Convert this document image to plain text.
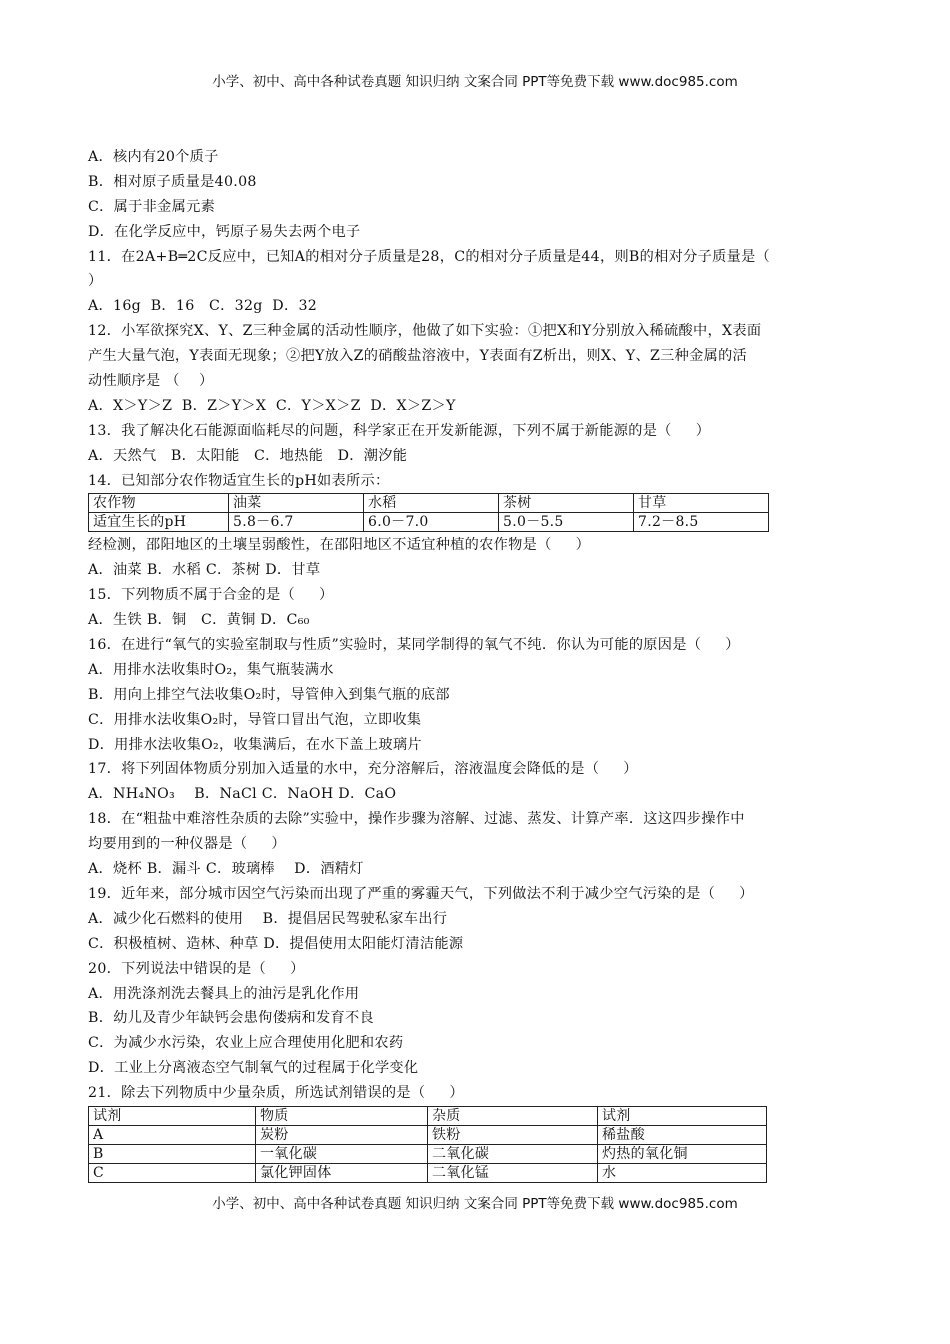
小学、初中、高中各种试卷真题 知识归纳 文案合同 PPT等免费下载 www.doc985.com
A．核内有20个质子
B．相对原子质量是40.08
C．属于非金属元素
D．在化学反应中，钙原子易失去两个电子
11．在2A+B═2C反应中，已知A的相对分子质量是28，C的相对分子质量是44，则B的相对分子质量是（
）
A．16g  B．16   C．32g  D．32
12．小军欲探究X、Y、Z三种金属的活动性顺序，他做了如下实验：①把X和Y分别放入稀硫酸中，X表面
产生大量气泡，Y表面无现象；②把Y放入Z的硝酸盐溶液中，Y表面有Z析出，则X、Y、Z三种金属的活
动性顺序是 （    ）
A．X＞Y＞Z  B．Z＞Y＞X  C．Y＞X＞Z  D．X＞Z＞Y
13．我了解决化石能源面临耗尽的问题，科学家正在开发新能源，下列不属于新能源的是（     ）
A．天然气   B．太阳能   C．地热能   D．潮汐能
14．已知部分农作物适宜生长的pH如表所示：
农作物	油菜	水稻	茶树	甘草
适宜生长的pH	5.8－6.7	6.0－7.0	5.0－5.5	7.2－8.5
经检测，邵阳地区的土壤呈弱酸性，在邵阳地区不适宜种植的农作物是（     ）
A．油菜 B．水稻 C．茶树 D．甘草
15．下列物质不属于合金的是（     ）
A．生铁 B．铜   C．黄铜 D．C₆₀
16．在进行“氧气的实验室制取与性质”实验时，某同学制得的氧气不纯．你认为可能的原因是（     ）
A．用排水法收集时O₂，集气瓶装满水
B．用向上排空气法收集O₂时，导管伸入到集气瓶的底部
C．用排水法收集O₂时，导管口冒出气泡，立即收集
D．用排水法收集O₂，收集满后，在水下盖上玻璃片
17．将下列固体物质分别加入适量的水中，充分溶解后，溶液温度会降低的是（     ）
A．NH₄NO₃    B．NaCl C．NaOH D．CaO
18．在“粗盐中难溶性杂质的去除”实验中，操作步骤为溶解、过滤、蒸发、计算产率．这这四步操作中
均要用到的一种仪器是（     ）
A．烧杯 B．漏斗 C．玻璃棒    D．酒精灯
19．近年来，部分城市因空气污染而出现了严重的雾霾天气，下列做法不利于减少空气污染的是（     ）
A．减少化石燃料的使用    B．提倡居民驾驶私家车出行
C．积极植树、造林、种草 D．提倡使用太阳能灯清洁能源
20．下列说法中错误的是（     ）
A．用洗涤剂洗去餐具上的油污是乳化作用
B．幼儿及青少年缺钙会患佝偻病和发育不良
C．为减少水污染，农业上应合理使用化肥和农药
D．工业上分离液态空气制氧气的过程属于化学变化
21．除去下列物质中少量杂质，所选试剂错误的是（     ）
试剂	物质	杂质	试剂
A	炭粉	铁粉	稀盐酸
B	一氧化碳	二氧化碳	灼热的氧化铜
C	氯化钾固体	二氧化锰	水
小学、初中、高中各种试卷真题 知识归纳 文案合同 PPT等免费下载 www.doc985.com
